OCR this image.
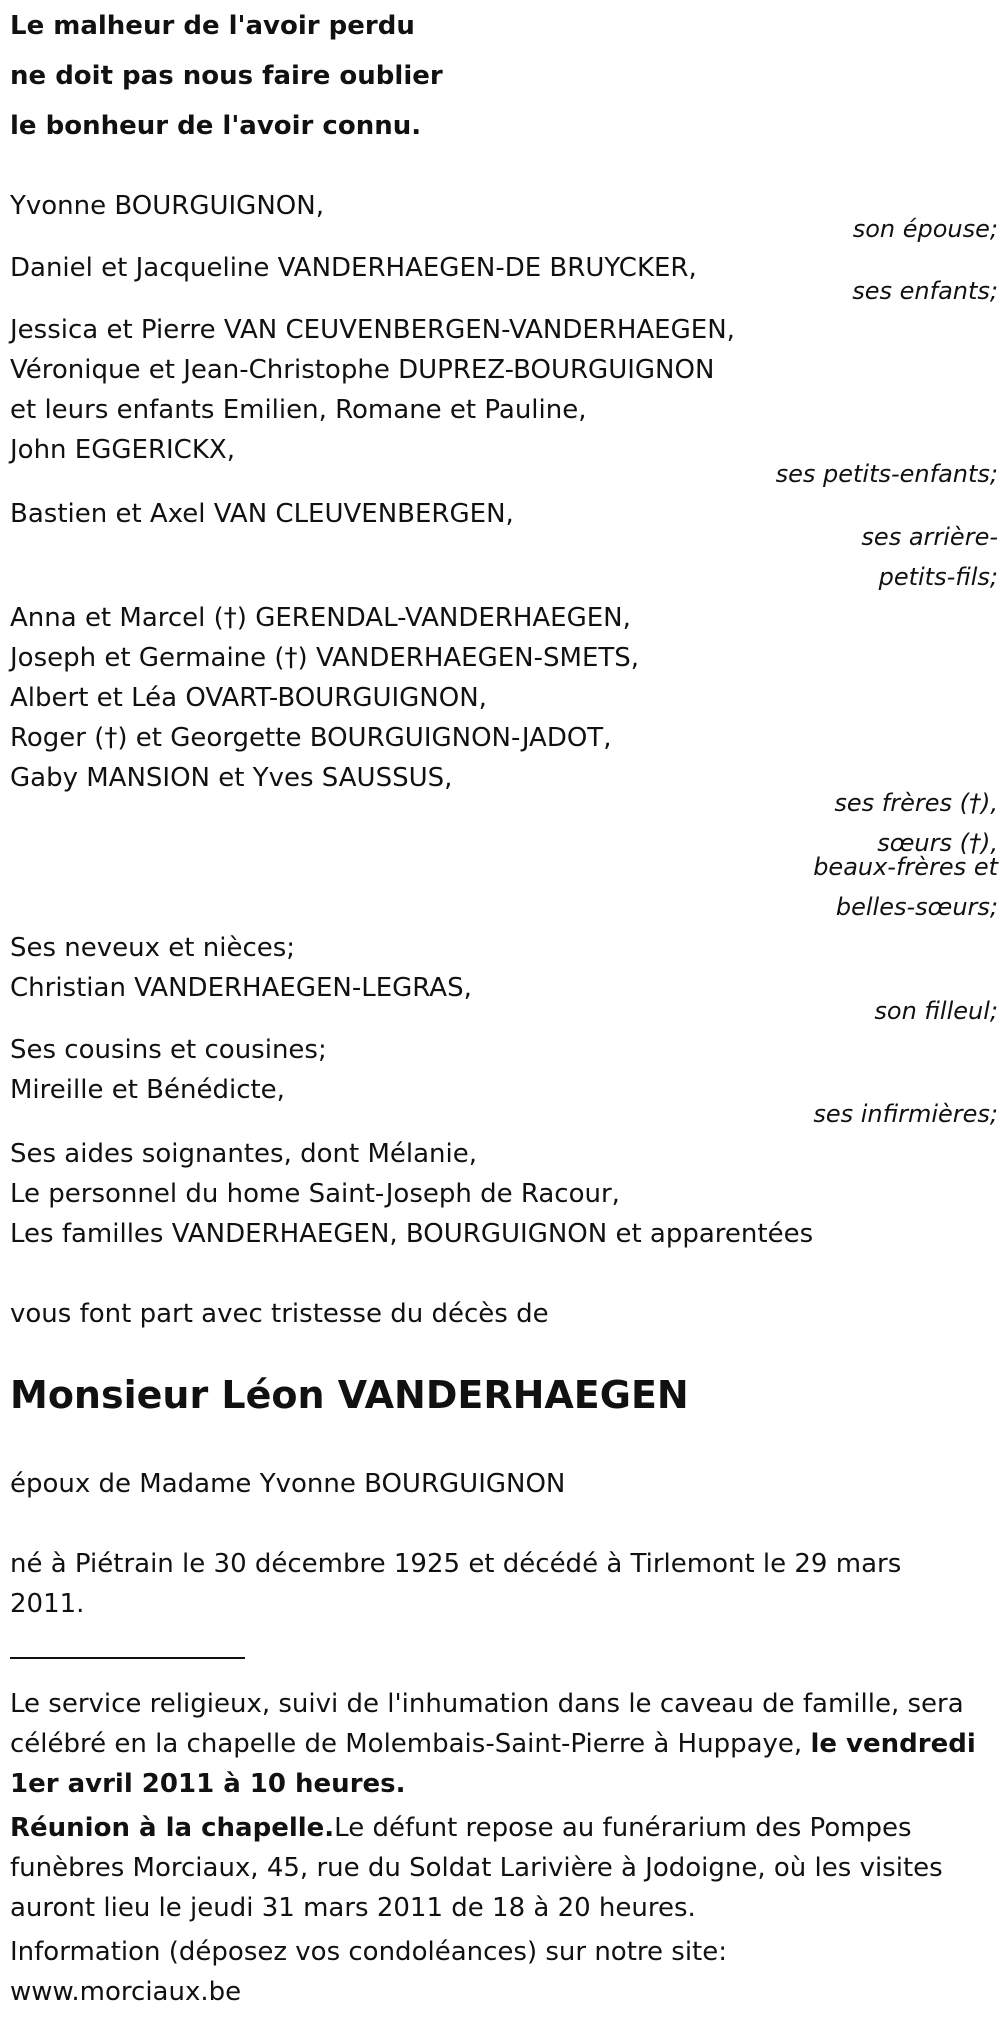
Le malheur de l'avoir perdu
ne doit pas nous faire oublier
le bonheur de l'avoir connu.
Yvonne BOURGUIGNON,
son épouse;
Daniel et Jacqueline VANDERHAEGEN-DE BRUYCKER,
ses enfants;
Jessica et Pierre VAN CEUVENBERGEN-VANDERHAEGEN,
Véronique et Jean-Christophe DUPREZ-BOURGUIGNON
et leurs enfants Emilien, Romane et Pauline,
John EGGERICKX,
ses petits-enfants;
Bastien et Axel VAN CLEUVENBERGEN,
ses arrière-
petits-fils;
Anna et Marcel (†) GERENDAL-VANDERHAEGEN,
Joseph et Germaine (†) VANDERHAEGEN-SMETS,
Albert et Léa OVART-BOURGUIGNON,
Roger (†) et Georgette BOURGUIGNON-JADOT,
Gaby MANSION et Yves SAUSSUS,
ses frères (†),
sœurs (†),
beaux-frères et
belles-sœurs;
Ses neveux et nièces;
Christian VANDERHAEGEN-LEGRAS,
son filleul;
Ses cousins et cousines;
Mireille et Bénédicte,
ses infirmières;
Ses aides soignantes, dont Mélanie,
Le personnel du home Saint-Joseph de Racour,
Les familles VANDERHAEGEN, BOURGUIGNON et apparentées
vous font part avec tristesse du décès de
Monsieur Léon VANDERHAEGEN
époux de Madame Yvonne BOURGUIGNON
né à Piétrain le 30 décembre 1925 et décédé à Tirlemont le 29 mars 2011.
Le service religieux, suivi de l'inhumation dans le caveau de famille, sera célébré en la chapelle de Molembais-Saint-Pierre à Huppaye, le vendredi 1er avril 2011 à 10 heures.
Réunion à la chapelle.Le défunt repose au funérarium des Pompes funèbres Morciaux, 45, rue du Soldat Larivière à Jodoigne, où les visites auront lieu le jeudi 31 mars 2011 de 18 à 20 heures.
Information (déposez vos condoléances) sur notre site:
www.morciaux.be
